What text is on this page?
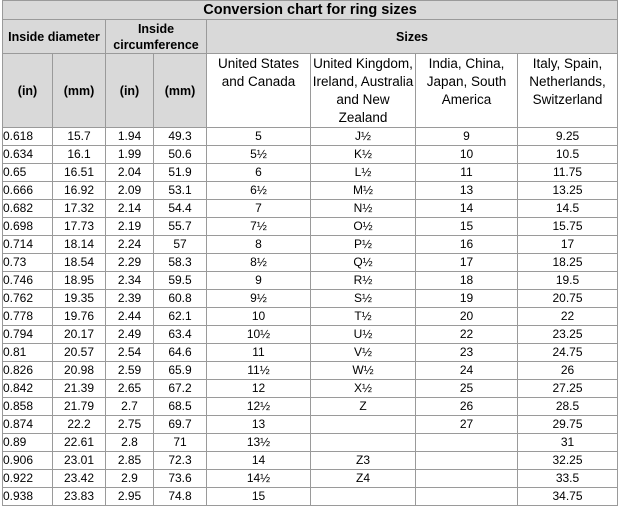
Conversion chart for ring sizes							
Inside diameter		Inside circumference		Sizes			
(in)	(mm)	(in)	(mm)	United States and Canada	United Kingdom, Ireland, Australia and New Zealand	India, China, Japan, South America	Italy, Spain, Netherlands, Switzerland
0.618	15.7	1.94	49.3	5	J½	9	9.25
0.634	16.1	1.99	50.6	5½	K½	10	10.5
0.65	16.51	2.04	51.9	6	L½	11	11.75
0.666	16.92	2.09	53.1	6½	M½	13	13.25
0.682	17.32	2.14	54.4	7	N½	14	14.5
0.698	17.73	2.19	55.7	7½	O½	15	15.75
0.714	18.14	2.24	57	8	P½	16	17
0.73	18.54	2.29	58.3	8½	Q½	17	18.25
0.746	18.95	2.34	59.5	9	R½	18	19.5
0.762	19.35	2.39	60.8	9½	S½	19	20.75
0.778	19.76	2.44	62.1	10	T½	20	22
0.794	20.17	2.49	63.4	10½	U½	22	23.25
0.81	20.57	2.54	64.6	11	V½	23	24.75
0.826	20.98	2.59	65.9	11½	W½	24	26
0.842	21.39	2.65	67.2	12	X½	25	27.25
0.858	21.79	2.7	68.5	12½	Z	26	28.5
0.874	22.2	2.75	69.7	13		27	29.75
0.89	22.61	2.8	71	13½			31
0.906	23.01	2.85	72.3	14	Z3		32.25
0.922	23.42	2.9	73.6	14½	Z4		33.5
0.938	23.83	2.95	74.8	15			34.75
